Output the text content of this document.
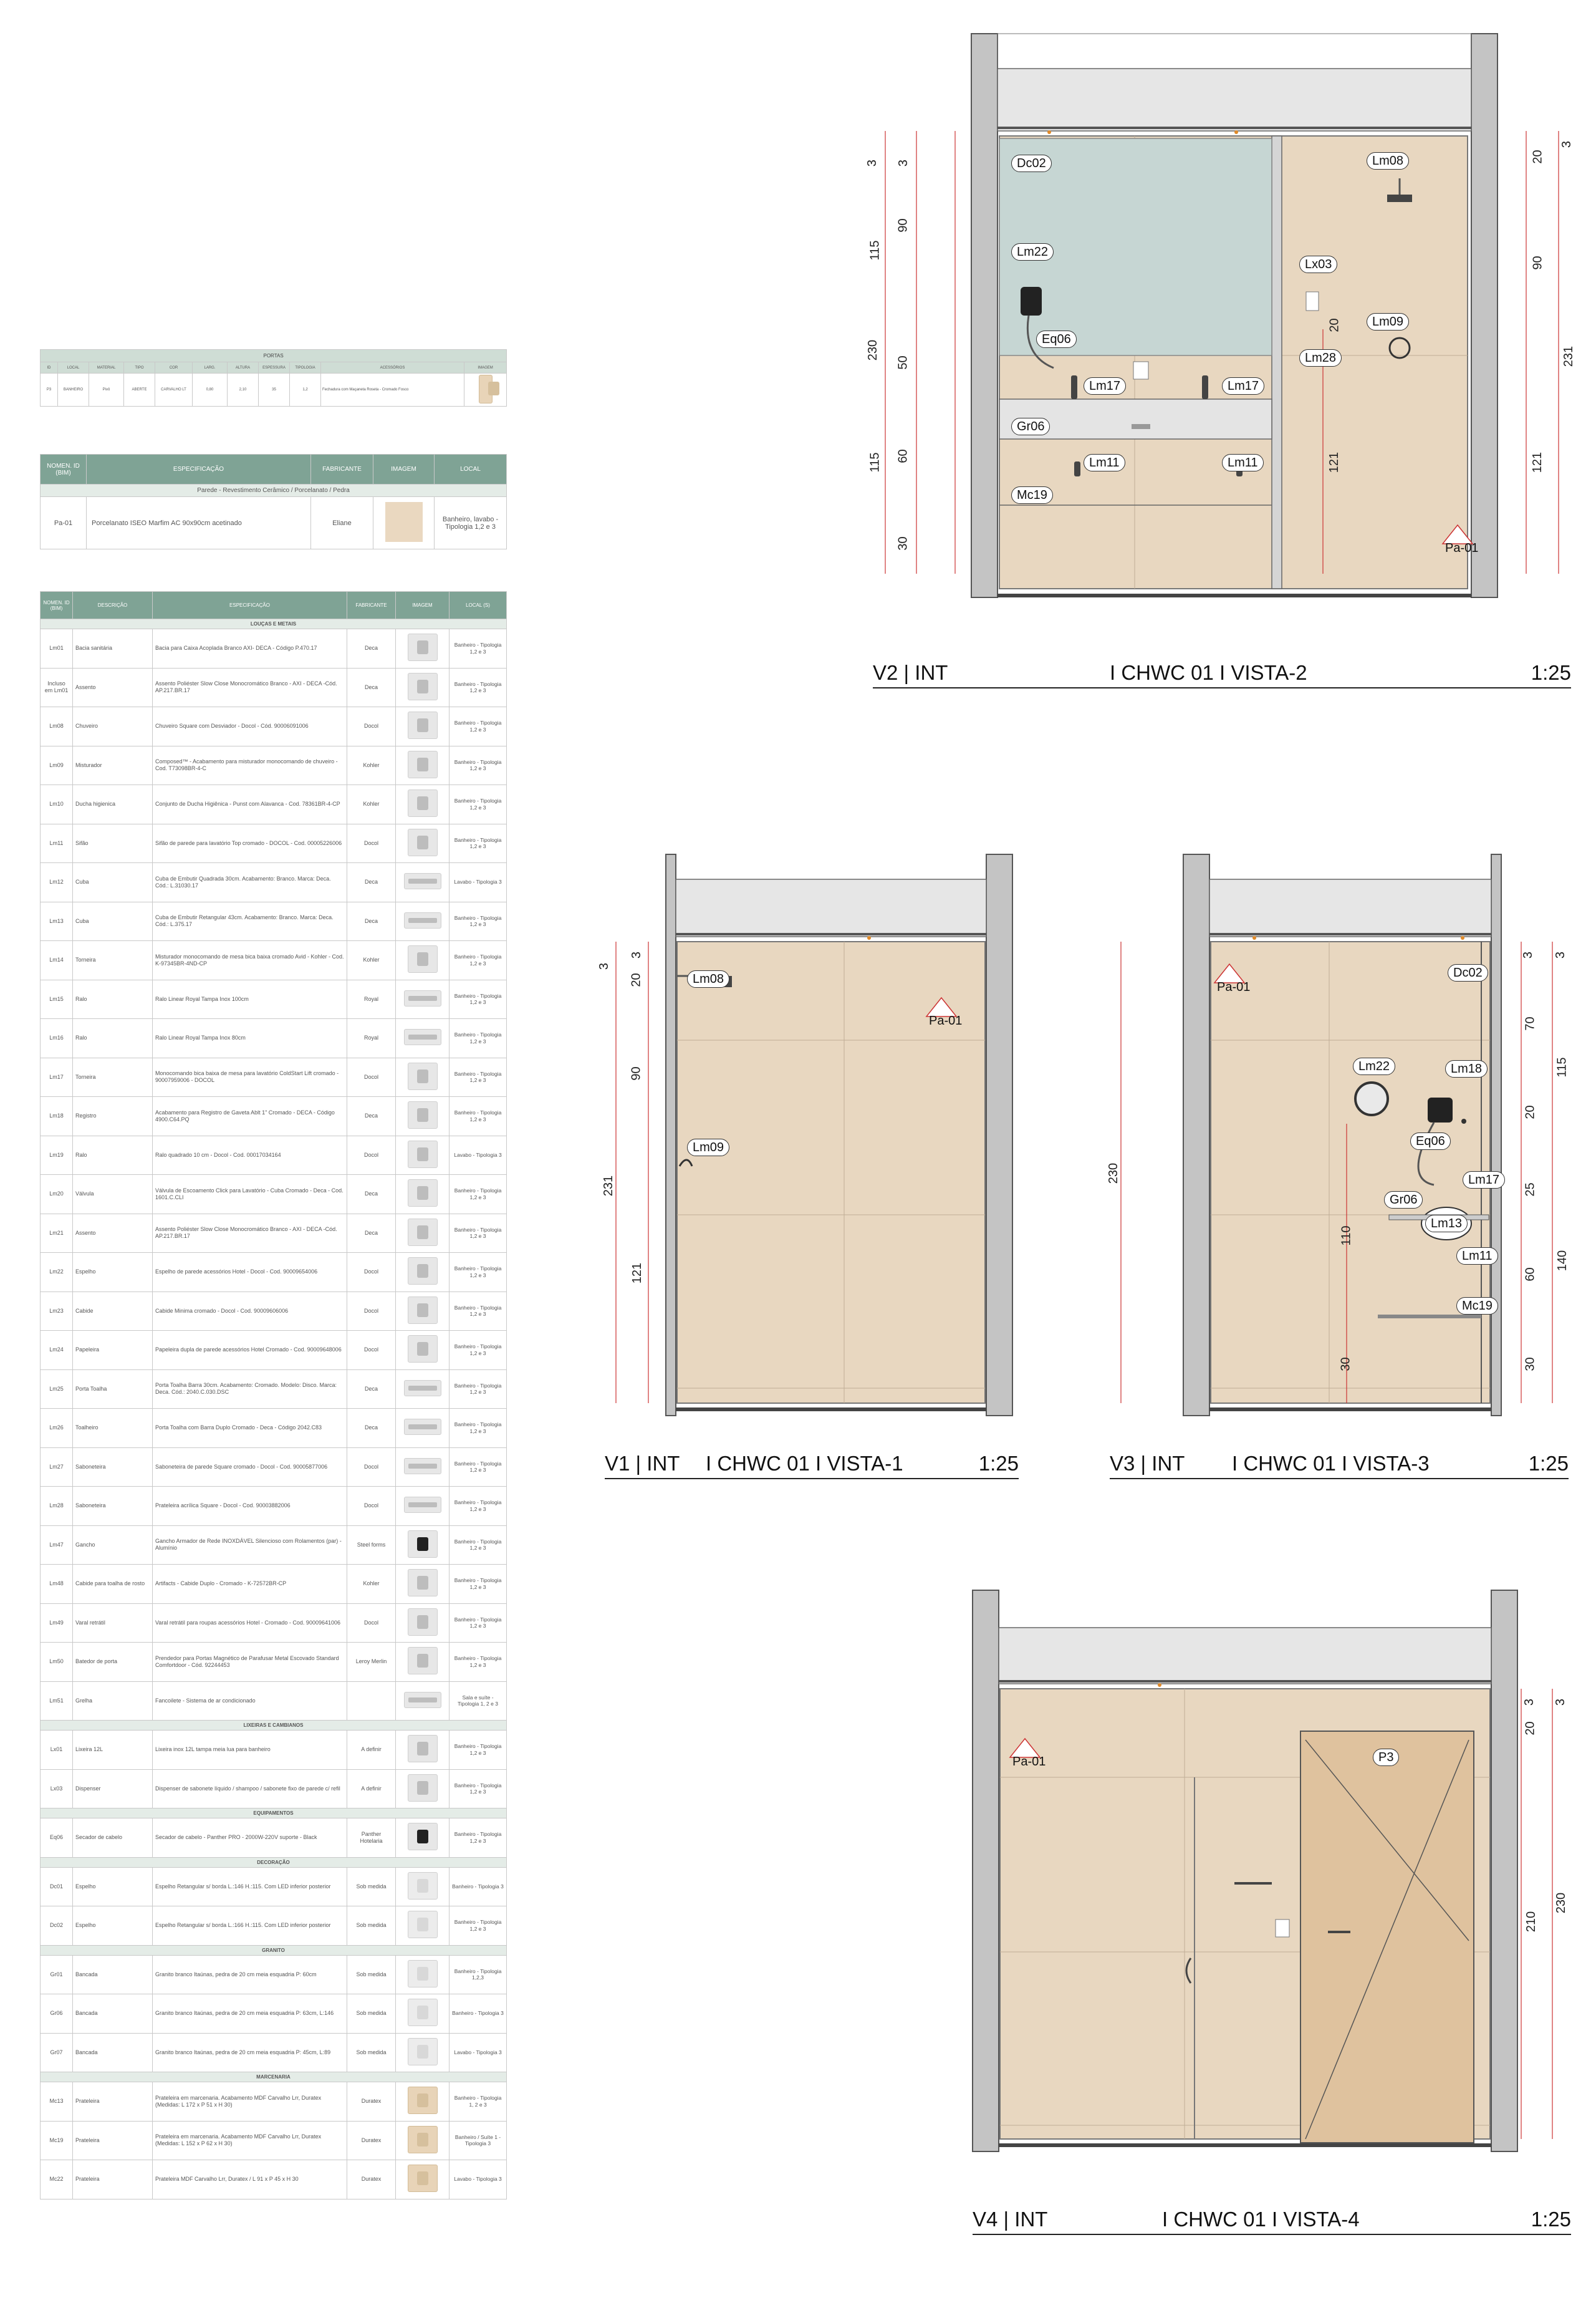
PORTAS										
ID	LOCAL	MATERIAL	TIPO	COR	LARG.	ALTURA	ESPESSURA	TIPOLOGIA	ACESSÓRIOS	IMAGEM
P3	BANHEIRO	Pivô	ABERTE	CARVALHO LT	0,80	2,10	35	1,2	Fechadura com Maçaneta Roseta - Cromado Fosco	
NOMEN. ID (BIM)	ESPECIFICAÇÃO	FABRICANTE	IMAGEM	LOCAL
Parede - Revestimento Cerâmico / Porcelanato / Pedra				
Pa-01	Porcelanato ISEO Marfim AC 90x90cm acetinado	Eliane		Banheiro, lavabo - Tipologia 1,2 e 3
NOMEN. ID (BIM)	DESCRIÇÃO	ESPECIFICAÇÃO	FABRICANTE	IMAGEM	LOCAL (S)
LOUÇAS E METAIS					
Lm01	Bacia sanitária	Bacia para Caixa Acoplada Branco AXI- DECA - Código P.470.17	Deca		Banheiro - Tipologia 1,2 e 3
Incluso em Lm01	Assento	Assento Poliéster Slow Close Monocromático Branco - AXI - DECA -Cód. AP.217.BR.17	Deca		Banheiro - Tipologia 1,2 e 3
Lm08	Chuveiro	Chuveiro Square com Desviador - Docol - Cód. 90006091006	Docol		Banheiro - Tipologia 1,2 e 3
Lm09	Misturador	Composed™ - Acabamento para misturador monocomando de chuveiro - Cod. T73098BR-4-C	Kohler		Banheiro - Tipologia 1,2 e 3
Lm10	Ducha higienica	Conjunto de Ducha Higiênica - Punst com Alavanca - Cod. 78361BR-4-CP	Kohler		Banheiro - Tipologia 1,2 e 3
Lm11	Sifão	Sifão de parede para lavatório Top cromado - DOCOL - Cod. 00005226006	Docol		Banheiro - Tipologia 1,2 e 3
Lm12	Cuba	Cuba de Embutir Quadrada 30cm. Acabamento: Branco. Marca: Deca. Cód.: L.31030.17	Deca		Lavabo - Tipologia 3
Lm13	Cuba	Cuba de Embutir Retangular 43cm. Acabamento: Branco. Marca: Deca. Cód.: L.375.17	Deca		Banheiro - Tipologia 1,2 e 3
Lm14	Torneira	Misturador monocomando de mesa bica baixa cromado Avid - Kohler - Cod. K-97345BR-4ND-CP	Kohler		Banheiro - Tipologia 1,2 e 3
Lm15	Ralo	Ralo Linear Royal Tampa Inox 100cm	Royal		Banheiro - Tipologia 1,2 e 3
Lm16	Ralo	Ralo Linear Royal Tampa Inox 80cm	Royal		Banheiro - Tipologia 1,2 e 3
Lm17	Torneira	Monocomando bica baixa de mesa para lavatório ColdStart Lift cromado - 90007959006 - DOCOL	Docol		Banheiro - Tipologia 1,2 e 3
Lm18	Registro	Acabamento para Registro de Gaveta Ablt 1" Cromado - DECA - Código 4900.C64.PQ	Deca		Banheiro - Tipologia 1,2 e 3
Lm19	Ralo	Ralo quadrado 10 cm - Docol - Cod. 00017034164	Docol		Lavabo - Tipologia 3
Lm20	Válvula	Válvula de Escoamento Click para Lavatório - Cuba Cromado - Deca - Cod. 1601.C.CLI	Deca		Banheiro - Tipologia 1,2 e 3
Lm21	Assento	Assento Poliéster Slow Close Monocromático Branco - AXI - DECA -Cód. AP.217.BR.17	Deca		Banheiro - Tipologia 1,2 e 3
Lm22	Espelho	Espelho de parede acessórios Hotel - Docol - Cod. 90009654006	Docol		Banheiro - Tipologia 1,2 e 3
Lm23	Cabide	Cabide Minima cromado - Docol - Cod. 90009606006	Docol		Banheiro - Tipologia 1,2 e 3
Lm24	Papeleira	Papeleira dupla de parede acessórios Hotel Cromado - Cod. 90009648006	Docol		Banheiro - Tipologia 1,2 e 3
Lm25	Porta Toalha	Porta Toalha Barra 30cm. Acabamento: Cromado. Modelo: Disco. Marca: Deca. Cód.: 2040.C.030.DSC	Deca		Banheiro - Tipologia 1,2 e 3
Lm26	Toalheiro	Porta Toalha com Barra Duplo Cromado - Deca - Código 2042.C83	Deca		Banheiro - Tipologia 1,2 e 3
Lm27	Saboneteira	Saboneteira de parede Square cromado - Docol - Cod. 90005877006	Docol		Banheiro - Tipologia 1,2 e 3
Lm28	Saboneteira	Prateleira acrílica Square - Docol - Cod. 90003882006	Docol		Banheiro - Tipologia 1,2 e 3
Lm47	Gancho	Gancho Armador de Rede INOXDÁVEL Silencioso com Rolamentos (par) - Alumínio	Steel forms		Banheiro - Tipologia 1,2 e 3
Lm48	Cabide para toalha de rosto	Artifacts - Cabide Duplo - Cromado - K-72572BR-CP	Kohler		Banheiro - Tipologia 1,2 e 3
Lm49	Varal retrátil	Varal retrátil para roupas acessórios Hotel - Cromado - Cod. 90009641006	Docol		Banheiro - Tipologia 1,2 e 3
Lm50	Batedor de porta	Prendedor para Portas Magnético de Parafusar Metal Escovado Standard Comfortdoor - Cód. 92244453	Leroy Merlin		Banheiro - Tipologia 1,2 e 3
Lm51	Grelha	Fancoilete - Sistema de ar condicionado			Sala e suíte - Tipologia 1, 2 e 3
LIXEIRAS E CAMBIANOS					
Lx01	Lixeira 12L	Lixeira inox 12L tampa meia lua para banheiro	A definir		Banheiro - Tipologia 1,2 e 3
Lx03	Dispenser	Dispenser de sabonete líquido / shampoo / sabonete fixo de parede c/ refil	A definir		Banheiro - Tipologia 1,2 e 3
EQUIPAMENTOS					
Eq06	Secador de cabelo	Secador de cabelo - Panther PRO - 2000W-220V suporte - Black	Panther Hotelaria		Banheiro - Tipologia 1,2 e 3
DECORAÇÃO					
Dc01	Espelho	Espelho Retangular s/ borda L.:146 H.:115. Com LED inferior posterior	Sob medida		Banheiro - Tipologia 3
Dc02	Espelho	Espelho Retangular s/ borda L.:166 H.:115. Com LED inferior posterior	Sob medida		Banheiro - Tipologia 1,2 e 3
GRANITO					
Gr01	Bancada	Granito branco Itaúnas, pedra de 20 cm meia esquadria P: 60cm	Sob medida		Banheiro - Tipologia 1,2,3
Gr06	Bancada	Granito branco Itaúnas, pedra de 20 cm meia esquadria P: 63cm, L:146	Sob medida		Banheiro - Tipologia 3
Gr07	Bancada	Granito branco Itaúnas, pedra de 20 cm meia esquadria P: 45cm, L:89	Sob medida		Lavabo - Tipologia 3
MARCENARIA					
Mc13	Prateleira	Prateleira em marcenaria. Acabamento MDF Carvalho Lrr, Duratex (Medidas: L 172 x P 51 x H 30)	Duratex		Banheiro - Tipologia 1, 2 e 3
Mc19	Prateleira	Prateleira em marcenaria. Acabamento MDF Carvalho Lrr, Duratex (Medidas: L 152 x P 62 x H 30)	Duratex		Banheiro / Suíte 1 - Tipologia 3
Mc22	Prateleira	Prateleira MDF Carvalho Lrr, Duratex / L 91 x P 45 x H 30	Duratex		Lavabo - Tipologia 3
Dc02
Lm22
Eq06
Gr06
Mc19
Lm17	Lm17
Lm11	Lm11
Lm08
Lx03
Lm09
Lm28
Pa-01
3
115
230
115
3
90
50
60
30
20
121
20
90
121
3
231
V2 | INT	I CHWC 01 I VISTA-2	1:25
Lm08
Pa-01
Lm09
3
231
3
20
90
121
V1 | INT I CHWC 01 I VISTA-1	1:25
Pa-01
Dc02
Lm22	Lm18
Eq06
Lm17
Gr06
Lm13
Lm11
Mc19
230
110
30
3
70
20
25
60
30
3
115
140
V3 | INT I CHWC 01 I VISTA-3	1:25
Pa-01	P3
3
20
210
3
230
V4 | INT	I CHWC 01 I VISTA-4	1:25
